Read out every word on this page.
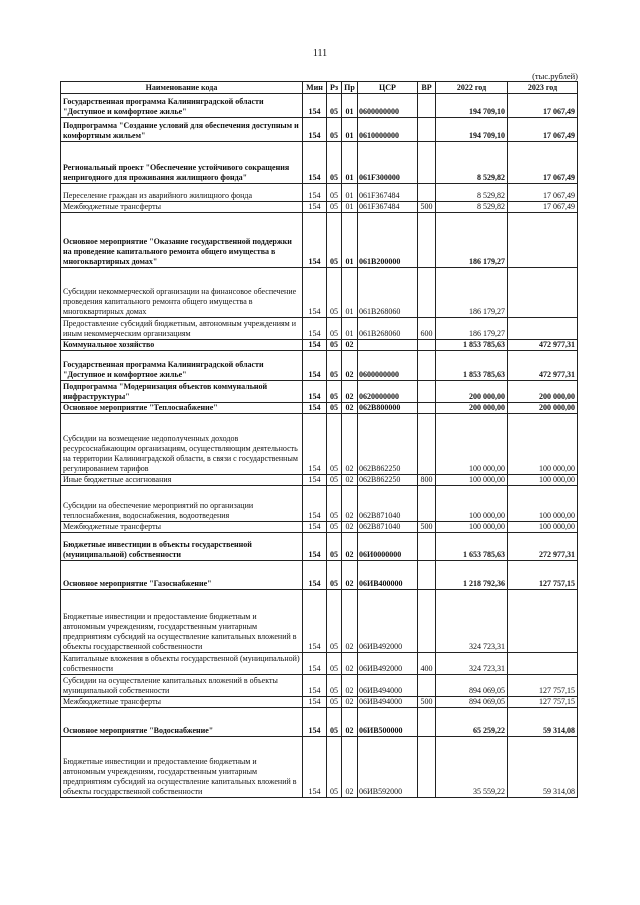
111
(тыс.рублей)
Наименование кода	Мин	Рз	Пр	ЦСР	ВР	2022 год	2023 год
Государственная программа Калининградской области "Доступное и комфортное жилье"	154	05	01	0600000000		194 709,10	17 067,49
Подпрограмма "Создание условий для обеспечения доступным и комфортным жильем"	154	05	01	0610000000		194 709,10	17 067,49
Региональный проект "Обеспечение устойчивого сокращения непригодного для проживания жилищного фонда"	154	05	01	061F300000		8 529,82	17 067,49
Переселение граждан из аварийного жилищного фонда	154	05	01	061F367484		8 529,82	17 067,49
Межбюджетные трансферты	154	05	01	061F367484	500	8 529,82	17 067,49
Основное мероприятие "Оказание государственной поддержки на проведение капитального ремонта общего имущества в многоквартирных домах"	154	05	01	061В200000		186 179,27	
Субсидии некоммерческой организации на финансовое обеспечение проведения капитального ремонта общего имущества в многоквартирных домах	154	05	01	061В268060		186 179,27	
Предоставление субсидий бюджетным, автономным учреждениям и иным некоммерческим организациям	154	05	01	061В268060	600	186 179,27	
Коммунальное хозяйство	154	05	02			1 853 785,63	472 977,31
Государственная программа Калининградской области "Доступное и комфортное жилье"	154	05	02	0600000000		1 853 785,63	472 977,31
Подпрограмма "Модернизация объектов коммунальной инфраструктуры"	154	05	02	0620000000		200 000,00	200 000,00
Основное мероприятие "Теплоснабжение"	154	05	02	062В800000		200 000,00	200 000,00
Субсидии на возмещение недополученных доходов ресурсоснабжающим организациям, осуществляющим деятельность на территории Калининградской области, в связи с государственным регулированием тарифов	154	05	02	062В862250		100 000,00	100 000,00
Иные бюджетные ассигнования	154	05	02	062В862250	800	100 000,00	100 000,00
Субсидии на обеспечение мероприятий по организации теплоснабжения, водоснабжения, водоотведения	154	05	02	062В871040		100 000,00	100 000,00
Межбюджетные трансферты	154	05	02	062В871040	500	100 000,00	100 000,00
Бюджетные инвестиции в объекты государственной (муниципальной) собственности	154	05	02	06И0000000		1 653 785,63	272 977,31
Основное мероприятие "Газоснабжение"	154	05	02	06ИВ400000		1 218 792,36	127 757,15
Бюджетные инвестиции и предоставление бюджетным и автономным учреждениям, государственным унитарным предприятиям субсидий на осуществление капитальных вложений в объекты государственной собственности	154	05	02	06ИВ492000		324 723,31	
Капитальные вложения в объекты государственной (муниципальной) собственности	154	05	02	06ИВ492000	400	324 723,31	
Субсидии на осуществление капитальных вложений в объекты муниципальной собственности	154	05	02	06ИВ494000		894 069,05	127 757,15
Межбюджетные трансферты	154	05	02	06ИВ494000	500	894 069,05	127 757,15
Основное мероприятие "Водоснабжение"	154	05	02	06ИВ500000		65 259,22	59 314,08
Бюджетные инвестиции и предоставление бюджетным и автономным учреждениям, государственным унитарным предприятиям субсидий на осуществление капитальных вложений в объекты государственной собственности	154	05	02	06ИВ592000		35 559,22	59 314,08
